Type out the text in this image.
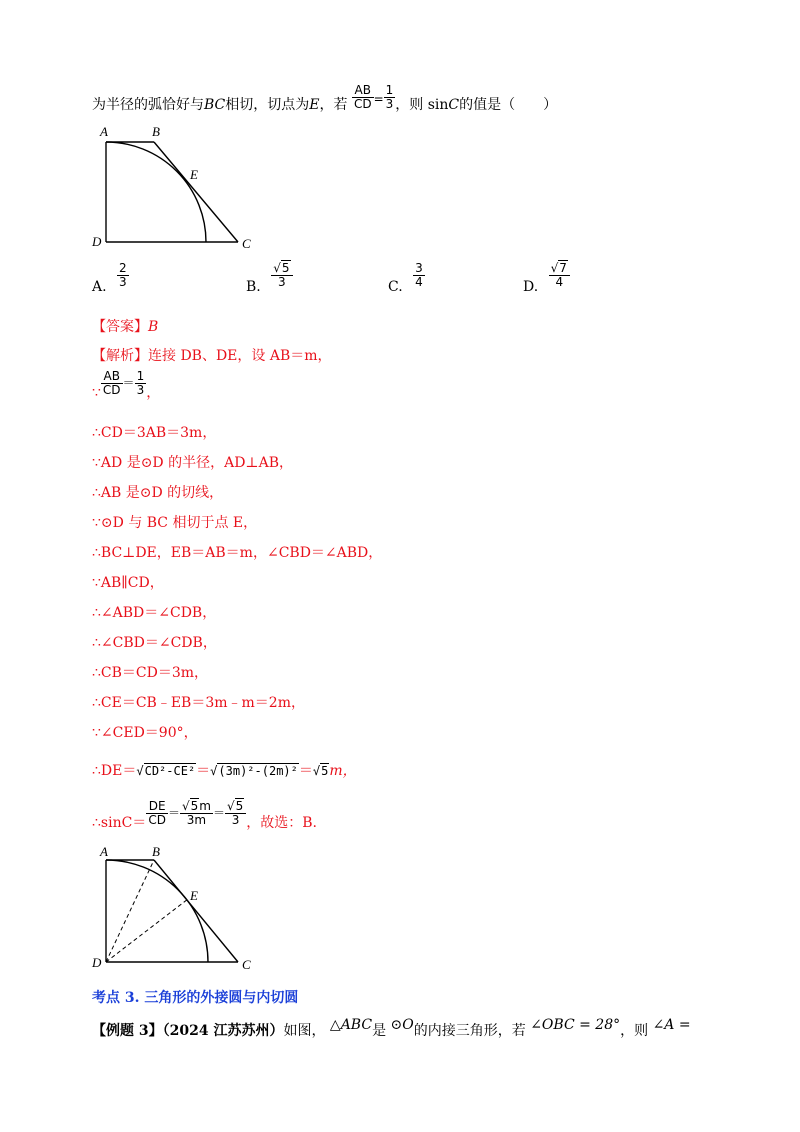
为半径的弧恰好与BC相切，切点为E，若 $\frac{AB}{CD} = \frac{1}{3}$ ，则 sinC的值是（　　）
A	B
E
D	C
A. $\frac{2}{3}$	B. $\frac{√5}{3}$	C. $\frac{3}{4}$	D. $\frac{√7}{4}$
【答案】B
【解析】连接 DB、DE，设 AB＝m，
∵ $\frac{AB}{CD} = \frac{1}{3}$ ，
∴CD＝3AB＝3m，
∵AD 是⊙D 的半径，AD⊥AB，
∴AB 是⊙D 的切线，
∵⊙D 与 BC 相切于点 E，
∴BC⊥DE，EB＝AB＝m，∠CBD＝∠ABD，
∵AB∥CD，
∴∠ABD＝∠CDB，
∴∠CBD＝∠CDB，
∴CB＝CD＝3m，
∴CE＝CB﹣EB＝3m﹣m＝2m，
∵∠CED＝90°，
∴DE＝√CD²-CE²＝√(3m)²-(2m)²＝√5m，
∴sinC＝ $\frac{DE}{CD} = \frac{√5m}{3m} = \frac{√5}{3}$ ，故选：B.
A	B
E
D	C
考点 3. 三角形的外接圆与内切圆
【例题 3】（2024 江苏苏州）如图， △ABC是 ⊙O的内接三角形，若 ∠OBC = 28°，则 ∠A =
